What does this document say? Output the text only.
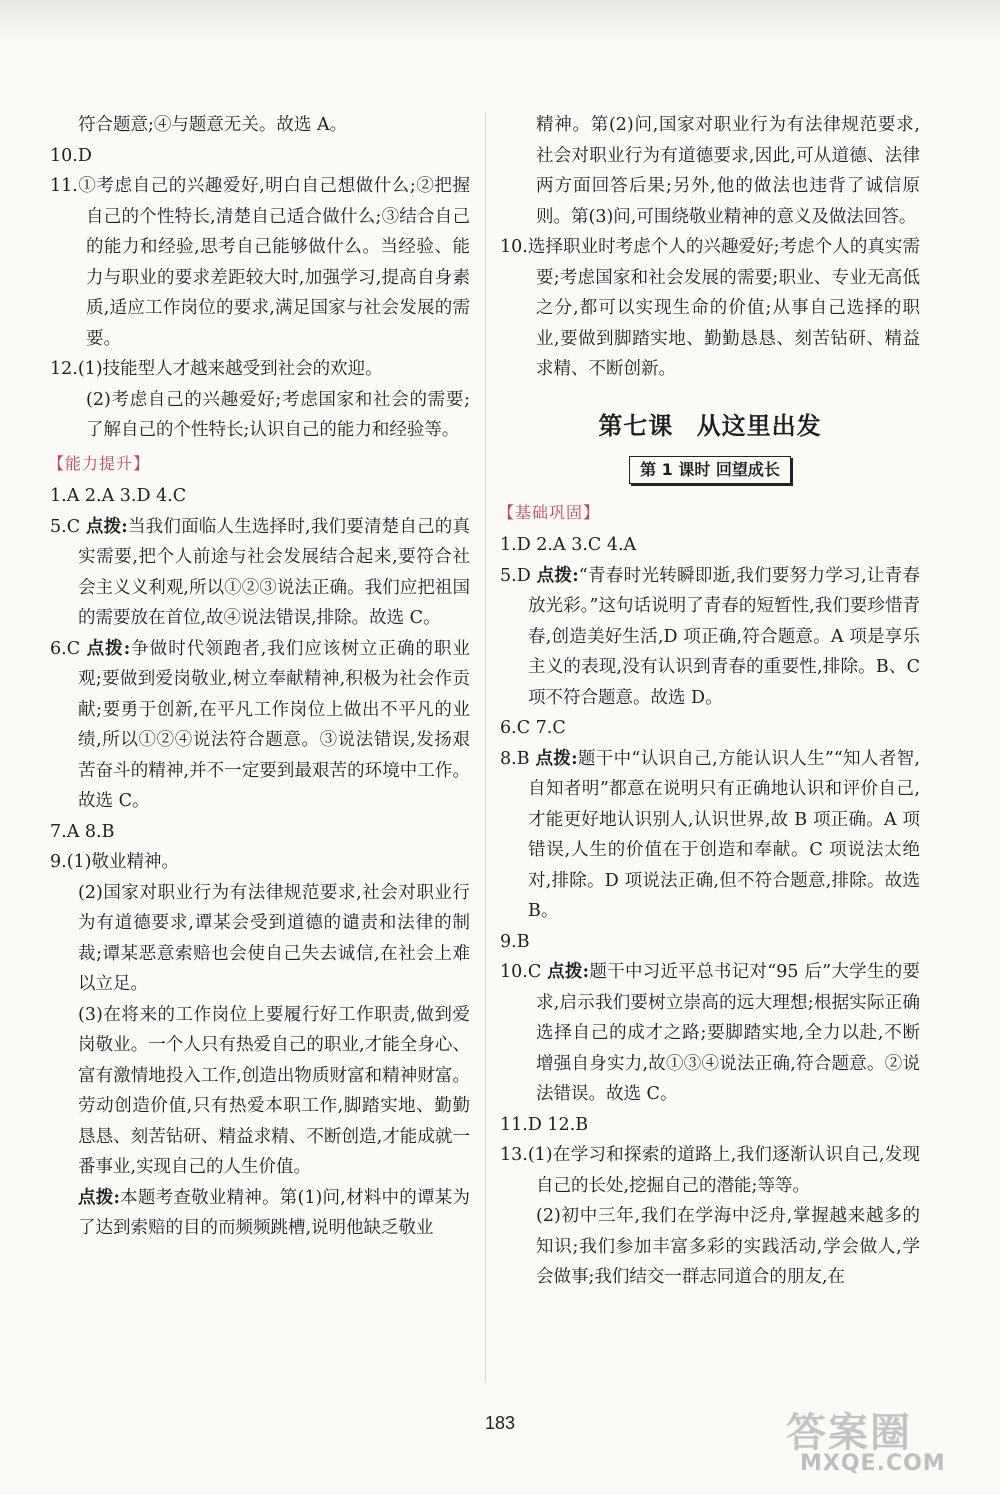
符合题意;④与题意无关。故选 A。

10.D

11.①考虑自己的兴趣爱好,明白自己想做什么;②把握自己的个性特长,清楚自己适合做什么;③结合自己的能力和经验,思考自己能够做什么。当经验、能力与职业的要求差距较大时,加强学习,提高自身素质,适应工作岗位的要求,满足国家与社会发展的需要。

12.(1)技能型人才越来越受到社会的欢迎。

(2)考虑自己的兴趣爱好;考虑国家和社会的需要;了解自己的个性特长;认识自己的能力和经验等。

【能力提升】

1.A 2.A 3.D 4.C

5.C 点拨:当我们面临人生选择时,我们要清楚自己的真实需要,把个人前途与社会发展结合起来,要符合社会主义义利观,所以①②③说法正确。我们应把祖国的需要放在首位,故④说法错误,排除。故选 C。

6.C 点拨:争做时代领跑者,我们应该树立正确的职业观;要做到爱岗敬业,树立奉献精神,积极为社会作贡献;要勇于创新,在平凡工作岗位上做出不平凡的业绩,所以①②④说法符合题意。③说法错误,发扬艰苦奋斗的精神,并不一定要到最艰苦的环境中工作。故选 C。

7.A 8.B

9.(1)敬业精神。

(2)国家对职业行为有法律规范要求,社会对职业行为有道德要求,谭某会受到道德的谴责和法律的制裁;谭某恶意索赔也会使自己失去诚信,在社会上难以立足。

(3)在将来的工作岗位上要履行好工作职责,做到爱岗敬业。一个人只有热爱自己的职业,才能全身心、富有激情地投入工作,创造出物质财富和精神财富。劳动创造价值,只有热爱本职工作,脚踏实地、勤勤恳恳、刻苦钻研、精益求精、不断创造,才能成就一番事业,实现自己的人生价值。

点拨:本题考查敬业精神。第(1)问,材料中的谭某为了达到索赔的目的而频频跳槽,说明他缺乏敬业

精神。第(2)问,国家对职业行为有法律规范要求,社会对职业行为有道德要求,因此,可从道德、法律两方面回答后果;另外,他的做法也违背了诚信原则。第(3)问,可围绕敬业精神的意义及做法回答。

10.选择职业时考虑个人的兴趣爱好;考虑个人的真实需要;考虑国家和社会发展的需要;职业、专业无高低之分,都可以实现生命的价值;从事自己选择的职业,要做到脚踏实地、勤勤恳恳、刻苦钻研、精益求精、不断创新。

第七课 从这里出发
第 1 课时 回望成长
【基础巩固】

1.D 2.A 3.C 4.A

5.D 点拨:“青春时光转瞬即逝,我们要努力学习,让青春放光彩。”这句话说明了青春的短暂性,我们要珍惜青春,创造美好生活,D 项正确,符合题意。A 项是享乐主义的表现,没有认识到青春的重要性,排除。B、C 项不符合题意。故选 D。

6.C 7.C

8.B 点拨:题干中“认识自己,方能认识人生”“知人者智,自知者明”都意在说明只有正确地认识和评价自己,才能更好地认识别人,认识世界,故 B 项正确。A 项错误,人生的价值在于创造和奉献。C 项说法太绝对,排除。D 项说法正确,但不符合题意,排除。故选 B。

9.B

10.C 点拨:题干中习近平总书记对“95 后”大学生的要求,启示我们要树立崇高的远大理想;根据实际正确选择自己的成才之路;要脚踏实地,全力以赴,不断增强自身实力,故①③④说法正确,符合题意。②说法错误。故选 C。

11.D 12.B

13.(1)在学习和探索的道路上,我们逐渐认识自己,发现自己的长处,挖掘自己的潜能;等等。

(2)初中三年,我们在学海中泛舟,掌握越来越多的知识;我们参加丰富多彩的实践活动,学会做人,学会做事;我们结交一群志同道合的朋友,在

183	答案圈
MXQE.COM
